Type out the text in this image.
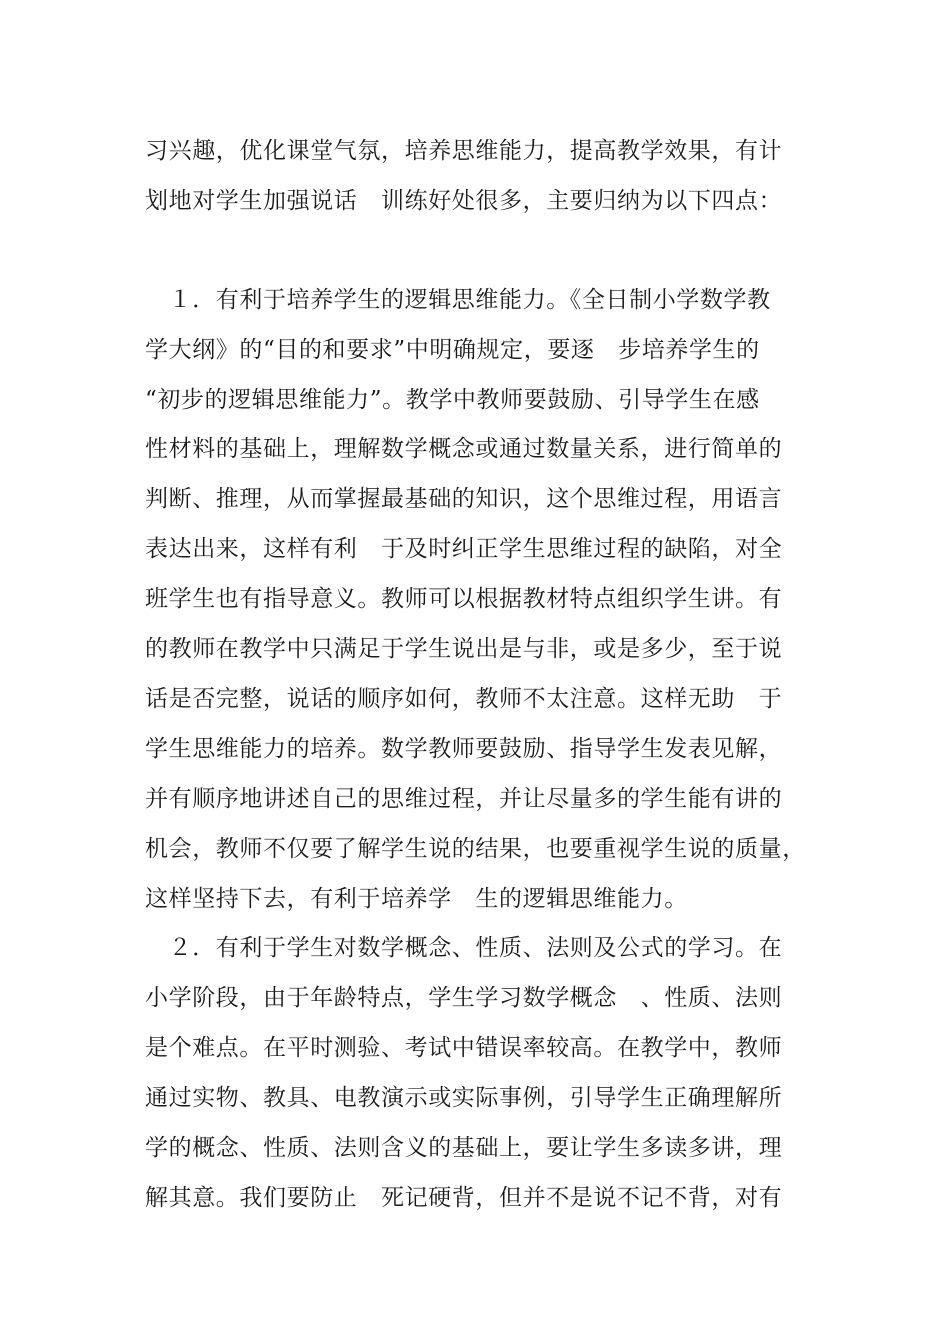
习兴趣，优化课堂气氛，培养思维能力，提高教学效果，有计
划地对学生加强说话　训练好处很多，主要归纳为以下四点：
　１．有利于培养学生的逻辑思维能力。《全日制小学数学教
学大纲》的“目的和要求”中明确规定，要逐　步培养学生的
“初步的逻辑思维能力”。教学中教师要鼓励、引导学生在感
性材料的基础上，理解数学概念或通过数量关系，进行简单的
判断、推理，从而掌握最基础的知识，这个思维过程，用语言
表达出来，这样有利　于及时纠正学生思维过程的缺陷，对全
班学生也有指导意义。教师可以根据教材特点组织学生讲。有
的教师在教学中只满足于学生说出是与非，或是多少，至于说
话是否完整，说话的顺序如何，教师不太注意。这样无助　于
学生思维能力的培养。数学教师要鼓励、指导学生发表见解，
并有顺序地讲述自己的思维过程，并让尽量多的学生能有讲的
机会，教师不仅要了解学生说的结果，也要重视学生说的质量，
这样坚持下去，有利于培养学　生的逻辑思维能力。
　２．有利于学生对数学概念、性质、法则及公式的学习。在
小学阶段，由于年龄特点，学生学习数学概念　、性质、法则
是个难点。在平时测验、考试中错误率较高。在教学中，教师
通过实物、教具、电教演示或实际事例，引导学生正确理解所
学的概念、性质、法则含义的基础上，要让学生多读多讲，理
解其意。我们要防止　死记硬背，但并不是说不记不背，对有
